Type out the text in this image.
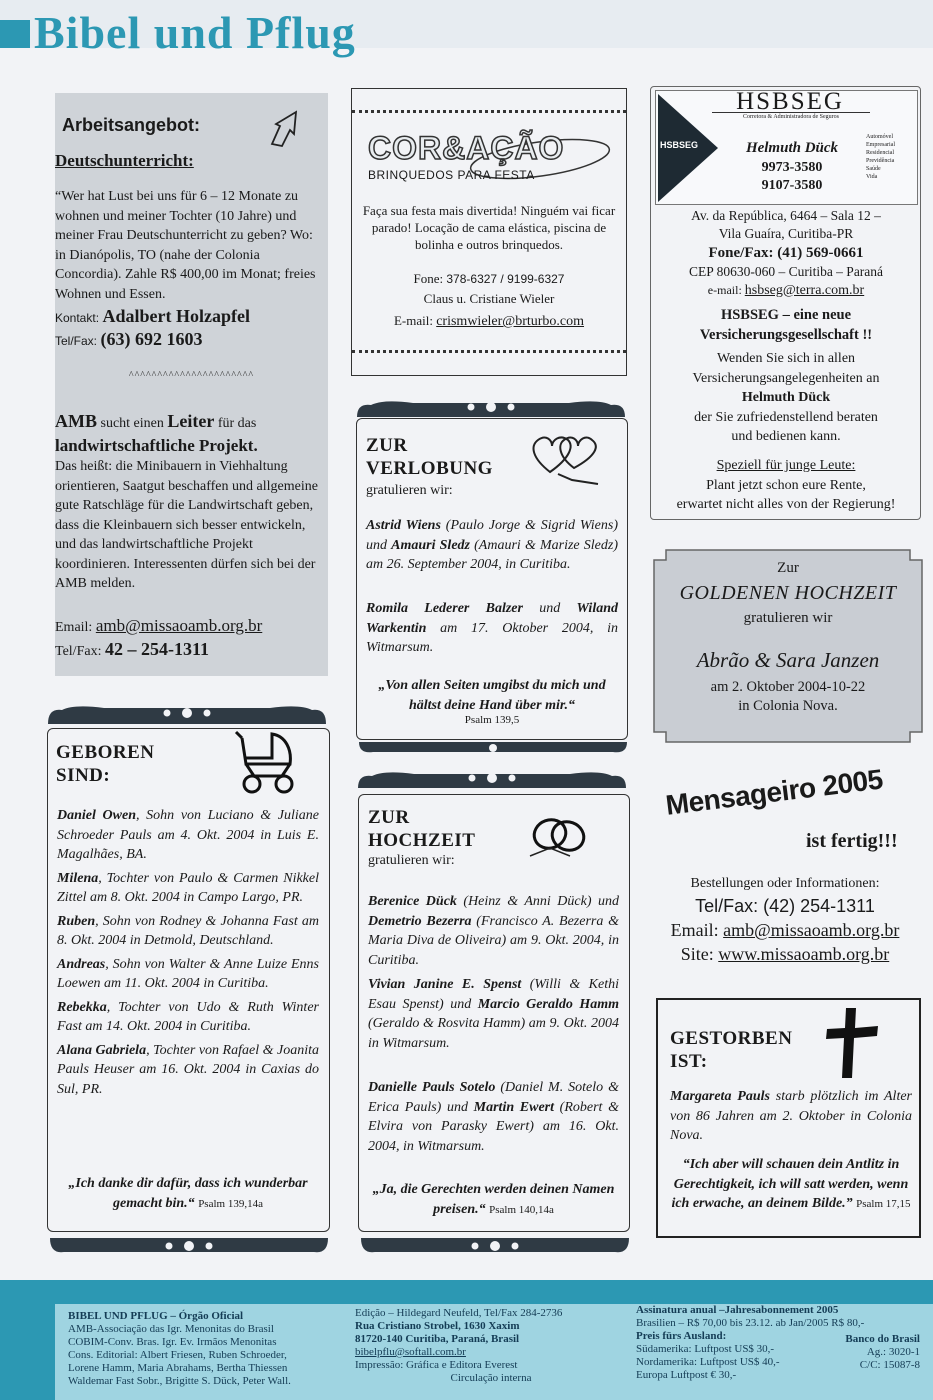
Bibel und Pflug
Arbeitsangebot:
Deutschunterricht:

“Wer hat Lust bei uns für 6 – 12 Monate zu wohnen und meiner Tochter (10 Jahre) und meiner Frau Deutschunterricht zu geben? Wo: in Dianópolis, TO (nahe der Colonia Concordia). Zahle R$ 400,00 im Monat; freies Wohnen und Essen.

Kontakt: Adalbert Holzapfel
Tel/Fax: (63) 692 1603
^^^^^^^^^^^^^^^^^^^^^^
AMB sucht einen Leiter für das
landwirtschaftliche Projekt.

Das heißt: die Minibauern in Viehhaltung orientieren, Saatgut beschaffen und allgemeine gute Ratschläge für die Landwirtschaft geben, dass die Kleinbauern sich besser entwickeln, und das landwirtschaftliche Projekt koordinieren. Interessenten dürfen sich bei der AMB melden.

Email: amb@missaoamb.org.br
Tel/Fax: 42 – 254-1311
COR&AÇÃO
BRINQUEDOS PARA FESTA

Faça sua festa mais divertida! Ninguém vai ficar parado! Locação de cama elástica, piscina de bolinha e outros brinquedos.

Fone: 378-6327 / 9199-6327
Claus u. Cristiane Wieler
E-mail: crismwieler@brturbo.com
HSBSEG
HSBSEG
Corretora & Administradora de Seguros
Helmuth Dück
9973-3580
9107-3580
Automóvel
Empresarial
Residencial
Previdência
Saúde
Vida
Av. da República, 6464 – Sala 12 –
Vila Guaíra, Curitiba-PR
Fone/Fax: (41) 569-0661
CEP 80630-060 – Curitiba – Paraná
e-mail: hsbseg@terra.com.br
HSBSEG – eine neue
Versicherungsgesellschaft !!
Wenden Sie sich in allen
Versicherungsangelegenheiten an
Helmuth Dück
der Sie zufriedenstellend beraten
und bedienen kann.
Speziell für junge Leute:
Plant jetzt schon eure Rente,
erwartet nicht alles von der Regierung!
ZUR
VERLOBUNG
gratulieren wir:

Astrid Wiens (Paulo Jorge & Sigrid Wiens) und Amauri Sledz (Amauri & Marize Sledz) am 26. September 2004, in Curitiba.

Romila Lederer Balzer und Wiland Warkentin am 17. Oktober 2004, in Witmarsum.

„Von allen Seiten umgibst du mich und hältst deine Hand über mir.“

Psalm 139,5
Zur
GOLDENEN HOCHZEIT
gratulieren wir
Abrão & Sara Janzen
am 2. Oktober 2004-10-22
in Colonia Nova.
GEBOREN
SIND:

Daniel Owen, Sohn von Luciano & Juliane Schroeder Pauls am 4. Okt. 2004 in Luis E. Magalhães, BA.

Milena, Tochter von Paulo & Carmen Nikkel Zittel am 8. Okt. 2004 in Campo Largo, PR.

Ruben, Sohn von Rodney & Johanna Fast am 8. Okt. 2004 in Detmold, Deutschland.

Andreas, Sohn von Walter & Anne Luize Enns Loewen am 11. Okt. 2004 in Curitiba.

Rebekka, Tochter von Udo & Ruth Winter Fast am 14. Okt. 2004 in Curitiba.

Alana Gabriela, Tochter von Rafael & Joanita Pauls Heuser am 16. Okt. 2004 in Caxias do Sul, PR.

„Ich danke dir dafür, dass ich wunderbar gemacht bin.“ Psalm 139,14a

ZUR
HOCHZEIT
gratulieren wir:

Berenice Dück (Heinz & Anni Dück) und Demetrio Bezerra (Francisco A. Bezerra & Maria Diva de Oliveira) am 9. Okt. 2004, in Curitiba.

Vivian Janine E. Spenst (Willi & Kethi Esau Spenst) und Marcio Geraldo Hamm (Geraldo & Rosvita Hamm) am 9. Okt. 2004 in Witmarsum.

Danielle Pauls Sotelo (Daniel M. Sotelo & Erica Pauls) und Martin Ewert (Robert & Elvira von Parasky Ewert) am 16. Okt. 2004, in Witmarsum.

„Ja, die Gerechten werden deinen Namen preisen.“ Psalm 140,14a

Mensageiro 2005
ist fertig!!!
Bestellungen oder Informationen:
Tel/Fax: (42) 254-1311
Email: amb@missaoamb.org.br
Site: www.missaoamb.org.br
GESTORBEN
IST:

Margareta Pauls starb plötzlich im Alter von 86 Jahren am 2. Oktober in Colonia Nova.

“Ich aber will schauen dein Antlitz in Gerechtigkeit, ich will satt werden, wenn ich erwache, an deinem Bilde.” Psalm 17,15

BIBEL UND PFLUG – Órgão Oficial
AMB-Associação das Igr. Menonitas do Brasil
COBIM-Conv. Bras. Igr. Ev. Irmãos Menonitas
Cons. Editorial: Albert Friesen, Ruben Schroeder,
Lorene Hamm, Maria Abrahams, Bertha Thiessen
Waldemar Fast Sobr., Brigitte S. Dück, Peter Wall.
Edição – Hildegard Neufeld, Tel/Fax 284-2736
Rua Cristiano Strobel, 1630 Xaxim
81720-140 Curitiba, Paraná, Brasil
bibelpflu@softall.com.br
Impressão: Gráfica e Editora Everest
Circulação interna
Assinatura anual –Jahresabonnement 2005
Brasilien – R$ 70,00 bis 23.12. ab Jan/2005 R$ 80,-
Preis fürs Ausland:
Südamerika: Luftpost US$ 30,-
Nordamerika: Luftpost US$ 40,-
Europa Luftpost € 30,-
Banco do Brasil
Ag.: 3020-1
C/C: 15087-8
